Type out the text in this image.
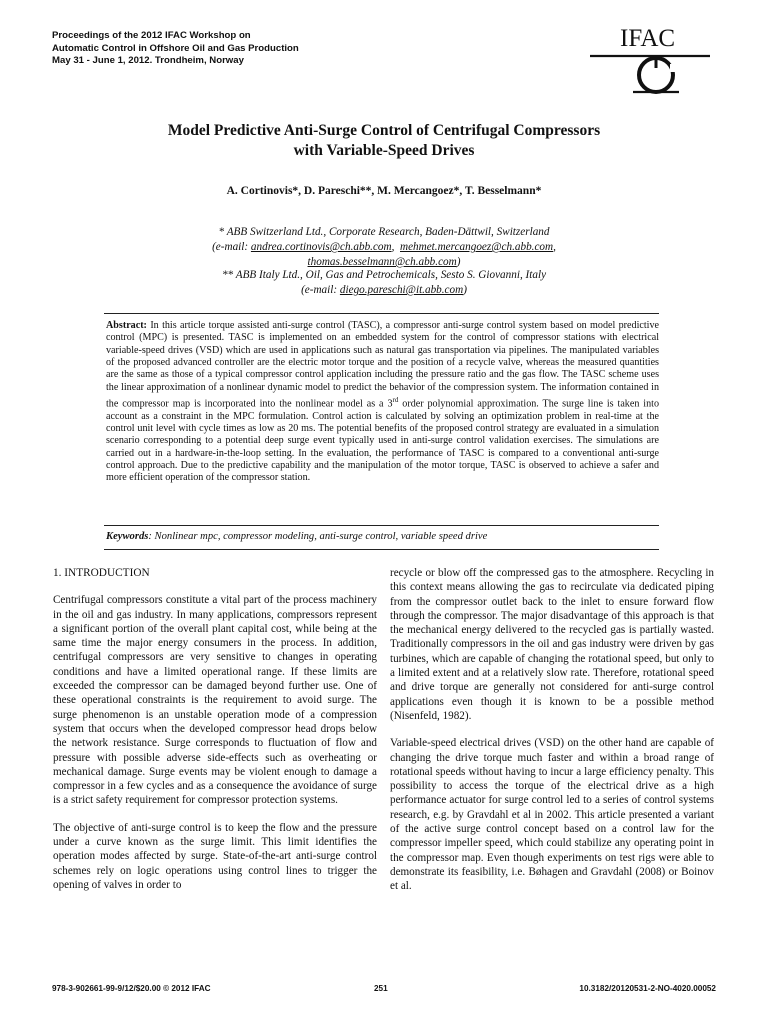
Proceedings of the 2012 IFAC Workshop on
Automatic Control in Offshore Oil and Gas Production
May 31 - June 1, 2012. Trondheim, Norway
IFAC
Model Predictive Anti-Surge Control of Centrifugal Compressors
with Variable-Speed Drives
A. Cortinovis*, D. Pareschi**, M. Mercangoez*, T. Besselmann*
* ABB Switzerland Ltd., Corporate Research, Baden-Dättwil, Switzerland
(e-mail: andrea.cortinovis@ch.abb.com,  mehmet.mercangoez@ch.abb.com,
thomas.besselmann@ch.abb.com)
** ABB Italy Ltd., Oil, Gas and Petrochemicals, Sesto S. Giovanni, Italy
(e-mail: diego.pareschi@it.abb.com)
Abstract: In this article torque assisted anti-surge control (TASC), a compressor anti-surge control system based on model predictive control (MPC) is presented. TASC is implemented on an embedded system for the control of compressor stations with electrical variable-speed drives (VSD) which are used in applications such as natural gas transportation via pipelines. The manipulated variables of the proposed advanced controller are the electric motor torque and the position of a recycle valve, whereas the measured quantities are the same as those of a typical compressor control application including the pressure ratio and the gas flow. The TASC scheme uses the linear approximation of a nonlinear dynamic model to predict the behavior of the compression system. The information contained in the compressor map is incorporated into the nonlinear model as a 3rd order polynomial approximation. The surge line is taken into account as a constraint in the MPC formulation. Control action is calculated by solving an optimization problem in real-time at the control unit level with cycle times as low as 20 ms. The potential benefits of the proposed control strategy are evaluated in a simulation scenario corresponding to a potential deep surge event typically used in anti-surge control validation exercises. The simulations are carried out in a hardware-in-the-loop setting. In the evaluation, the performance of TASC is compared to a conventional anti-surge control approach. Due to the predictive capability and the manipulation of the motor torque, TASC is observed to achieve a safer and more efficient operation of the compressor station.
Keywords: Nonlinear mpc, compressor modeling, anti-surge control, variable speed drive
1. INTRODUCTION

Centrifugal compressors constitute a vital part of the process machinery in the oil and gas industry. In many applications, compressors represent a significant portion of the overall plant capital cost, while being at the same time the major energy consumers in the process. In addition, centrifugal compressors are very sensitive to changes in operating conditions and have a limited operational range. If these limits are exceeded the compressor can be damaged beyond further use. One of these operational constraints is the requirement to avoid surge. The surge phenomenon is an unstable operation mode of a compression system that occurs when the developed compressor head drops below the network resistance. Surge corresponds to fluctuation of flow and pressure with possible adverse side-effects such as overheating or mechanical damage. Surge events may be violent enough to damage a compressor in a few cycles and as a consequence the avoidance of surge is a strict safety requirement for compressor protection systems.

The objective of anti-surge control is to keep the flow and the pressure under a curve known as the surge limit. This limit identifies the operation modes affected by surge. State-of-the-art anti-surge control schemes rely on logic operations using control lines to trigger the opening of valves in order to

recycle or blow off the compressed gas to the atmosphere. Recycling in this context means allowing the gas to recirculate via dedicated piping from the compressor outlet back to the inlet to ensure forward flow through the compressor. The major disadvantage of this approach is that the mechanical energy delivered to the recycled gas is partially wasted. Traditionally compressors in the oil and gas industry were driven by gas turbines, which are capable of changing the rotational speed, but only to a limited extent and at a relatively slow rate. Therefore, rotational speed and drive torque are generally not considered for anti-surge control applications even though it is known to be a possible method (Nisenfeld, 1982).

Variable-speed electrical drives (VSD) on the other hand are capable of changing the drive torque much faster and within a broad range of rotational speeds without having to incur a large efficiency penalty. This possibility to access the torque of the electrical drive as a high performance actuator for surge control led to a series of control systems research, e.g. by Gravdahl et al in 2002. This article presented a variant of the active surge control concept based on a control law for the compressor impeller speed, which could stabilize any operating point in the compressor map. Even though experiments on test rigs were able to demonstrate its feasibility, i.e. Bøhagen and Gravdahl (2008) or Boinov et al.

978-3-902661-99-9/12/$20.00 © 2012 IFAC	251	10.3182/20120531-2-NO-4020.00052
